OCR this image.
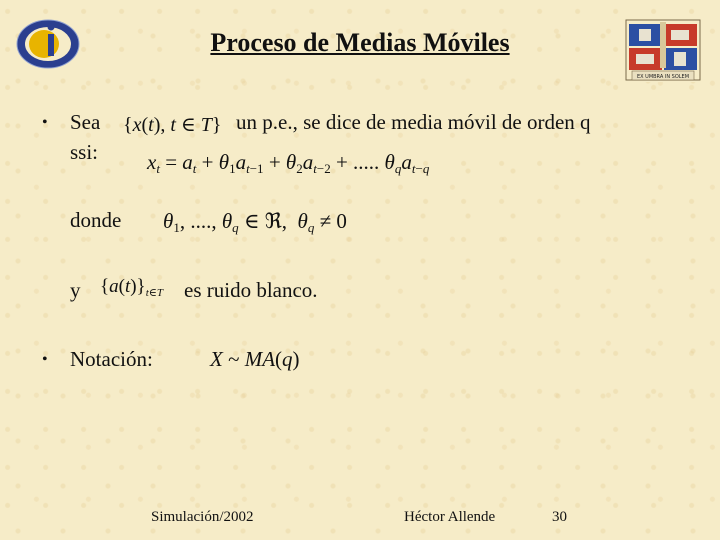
EX UMBRA IN SOLEM
Proceso de Medias Móviles
• Sea
ssi:
{x(t), t ∈ T} un p.e., se dice de media móvil de orden q
$x_t = a_t + \theta_1a_{t-1} + \theta_2a_{t-2}$ + ..... $\theta_qa_{t-q}$
donde $\theta_1$, ...., $\theta_q$ ∈ ℜ,  $\theta_q \ne 0$
y $\{a(t)\}_{t\in T}$ es ruido blanco.
• Notación:	X ~ MA(q)
Simulación/2002	Héctor Allende	30
